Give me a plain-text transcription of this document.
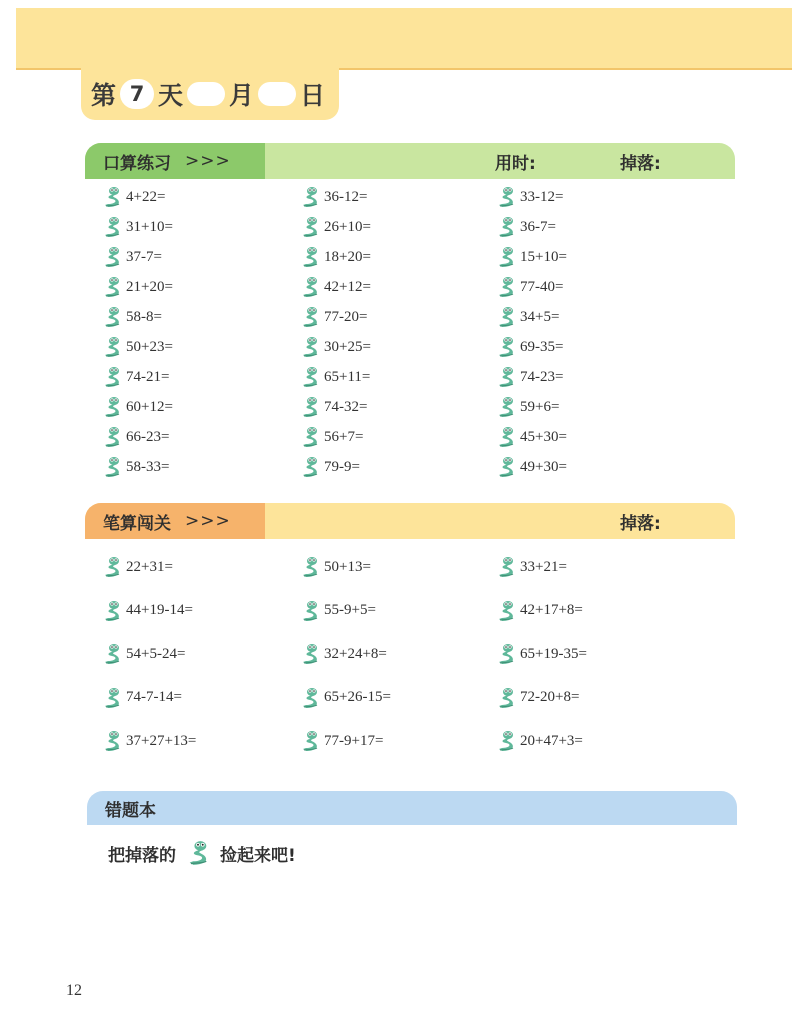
第 7 天 月 日
口算练习 >>>	用时:	掉落:
4+22=
31+10=
37-7=
21+20=
58-8=
50+23=
74-21=
60+12=
66-23=
58-33=
36-12=
26+10=
18+20=
42+12=
77-20=
30+25=
65+11=
74-32=
56+7=
79-9=
33-12=
36-7=
15+10=
77-40=
34+5=
69-35=
74-23=
59+6=
45+30=
49+30=
笔算闯关 >>>	掉落:
22+31=
44+19-14=
54+5-24=
74-7-14=
37+27+13=
50+13=
55-9+5=
32+24+8=
65+26-15=
77-9+17=
33+21=
42+17+8=
65+19-35=
72-20+8=
20+47+3=
错题本
把掉落的	捡起来吧!
12
